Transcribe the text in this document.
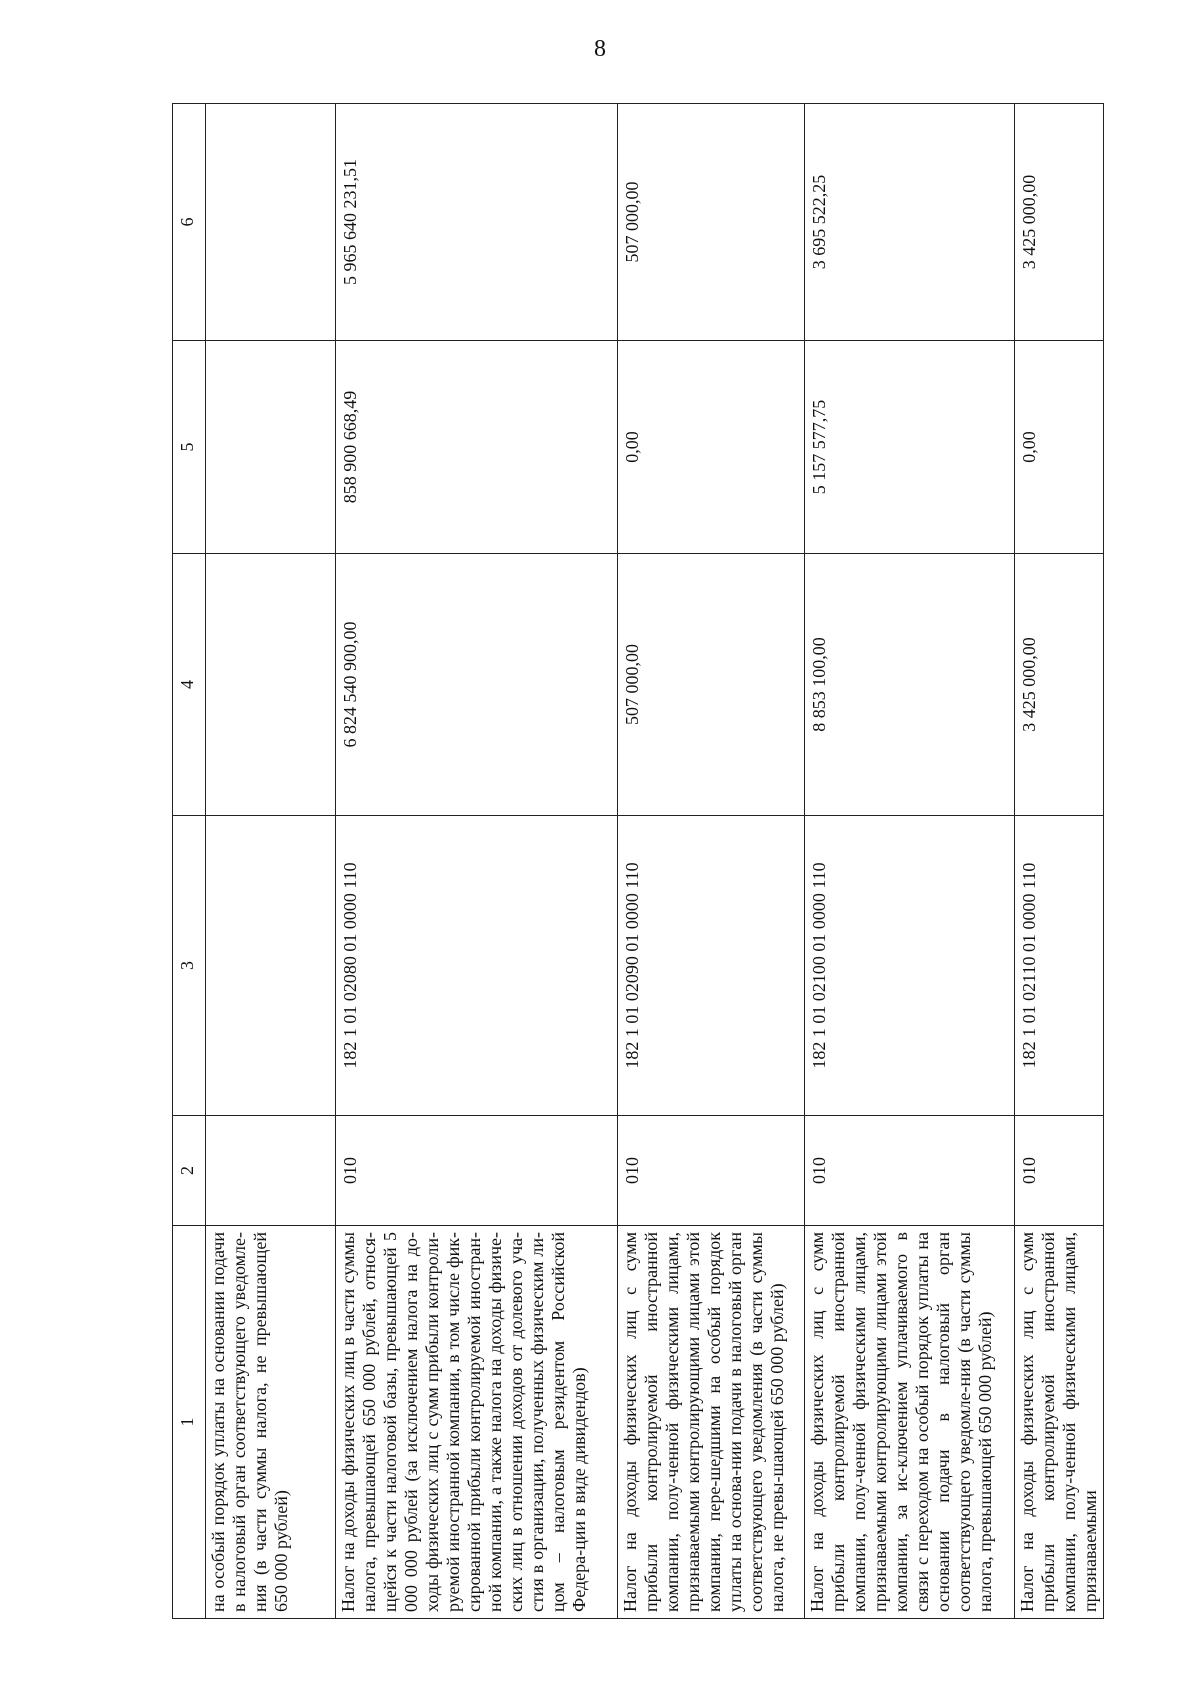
8
1	2	3	4	5	6
на особый порядок уплаты на основании подачи в налоговый орган соответствующего уведомле-ния (в части суммы налога, не превышающей 650 000 рублей)					
Налог на доходы физических лиц в части суммы налога, превышающей 650 000 рублей, относя-щейся к части налоговой базы, превышающей 5 000 000 рублей (за исключением налога на до-ходы физических лиц с сумм прибыли контроли-руемой иностранной компании, в том числе фик-сированной прибыли контролируемой иностран-ной компании, а также налога на доходы физиче-ских лиц в отношении доходов от долевого уча-стия в организации, полученных физическим ли-цом – налоговым резидентом Российской Федера-ции в виде дивидендов)	010	182 1 01 02080 01 0000 110	6 824 540 900,00	858 900 668,49	5 965 640 231,51
Налог на доходы физических лиц с сумм прибыли контролируемой иностранной компании, полу-ченной физическими лицами, признаваемыми контролирующими лицами этой компании, пере-шедшими на особый порядок уплаты на основа-нии подачи в налоговый орган соответствующего уведомления (в части суммы налога, не превы-шающей 650 000 рублей)	010	182 1 01 02090 01 0000 110	507 000,00	0,00	507 000,00
Налог на доходы физических лиц с сумм прибыли контролируемой иностранной компании, полу-ченной физическими лицами, признаваемыми контролирующими лицами этой компании, за ис-ключением уплачиваемого в связи с переходом на особый порядок уплаты на основании подачи в налоговый орган соответствующего уведомле-ния (в части суммы налога, превышающей 650 000 рублей)	010	182 1 01 02100 01 0000 110	8 853 100,00	5 157 577,75	3 695 522,25
Налог на доходы физических лиц с сумм прибыли контролируемой иностранной компании, полу-ченной физическими лицами, признаваемыми	010	182 1 01 02110 01 0000 110	3 425 000,00	0,00	3 425 000,00
